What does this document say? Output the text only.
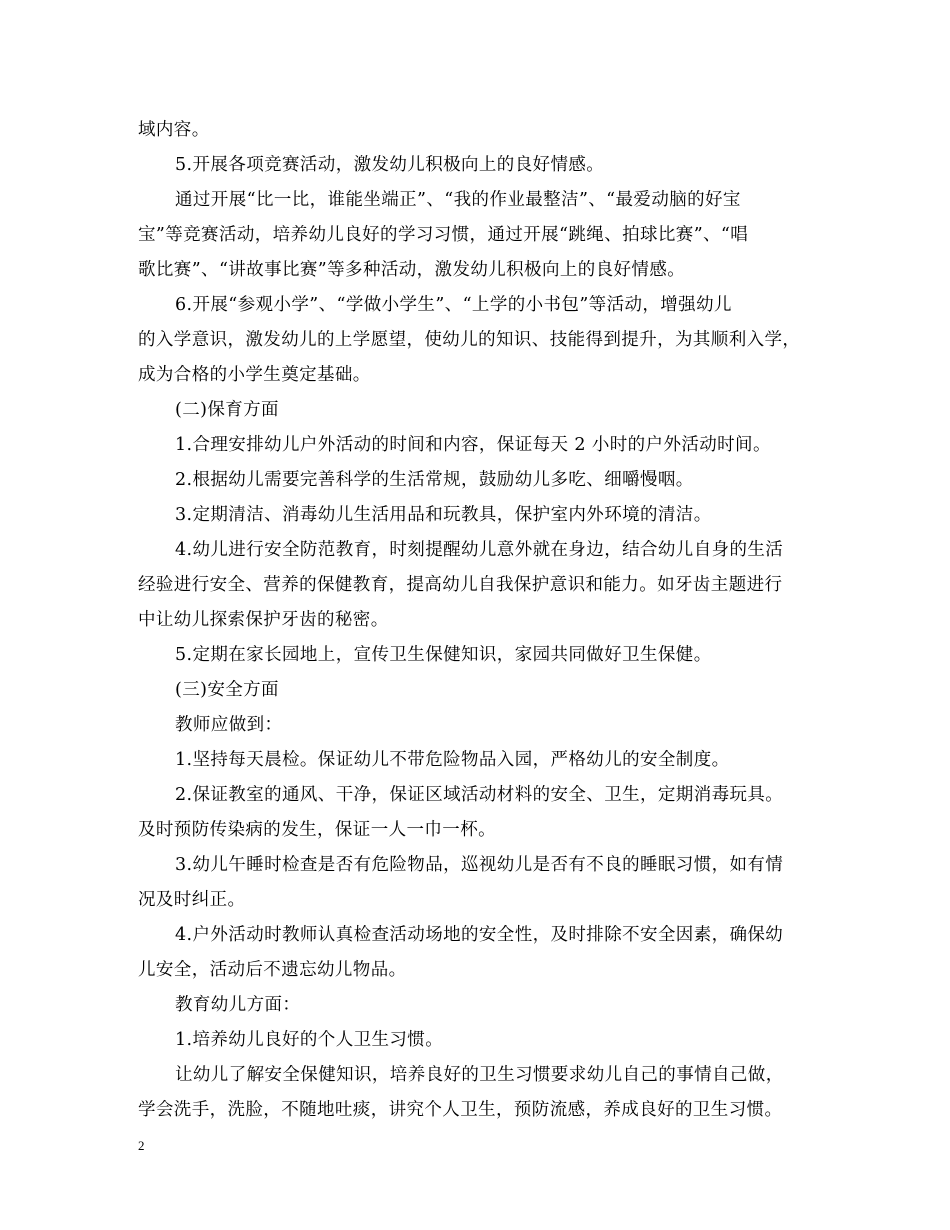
域内容。
5.开展各项竞赛活动，激发幼儿积极向上的良好情感。
通过开展“比一比，谁能坐端正”、“我的作业最整洁”、“最爱动脑的好宝
宝”等竞赛活动，培养幼儿良好的学习习惯，通过开展“跳绳、拍球比赛”、“唱
歌比赛”、“讲故事比赛”等多种活动，激发幼儿积极向上的良好情感。
6.开展“参观小学”、“学做小学生”、“上学的小书包”等活动，增强幼儿
的入学意识，激发幼儿的上学愿望，使幼儿的知识、技能得到提升，为其顺利入学，
成为合格的小学生奠定基础。
(二)保育方面
1.合理安排幼儿户外活动的时间和内容，保证每天 2 小时的户外活动时间。
2.根据幼儿需要完善科学的生活常规，鼓励幼儿多吃、细嚼慢咽。
3.定期清洁、消毒幼儿生活用品和玩教具，保护室内外环境的清洁。
4.幼儿进行安全防范教育，时刻提醒幼儿意外就在身边，结合幼儿自身的生活
经验进行安全、营养的保健教育，提高幼儿自我保护意识和能力。如牙齿主题进行
中让幼儿探索保护牙齿的秘密。
5.定期在家长园地上，宣传卫生保健知识，家园共同做好卫生保健。
(三)安全方面
教师应做到：
1.坚持每天晨检。保证幼儿不带危险物品入园，严格幼儿的安全制度。
2.保证教室的通风、干净，保证区域活动材料的安全、卫生，定期消毒玩具。
及时预防传染病的发生，保证一人一巾一杯。
3.幼儿午睡时检查是否有危险物品，巡视幼儿是否有不良的睡眠习惯，如有情
况及时纠正。
4.户外活动时教师认真检查活动场地的安全性，及时排除不安全因素，确保幼
儿安全，活动后不遗忘幼儿物品。
教育幼儿方面：
1.培养幼儿良好的个人卫生习惯。
让幼儿了解安全保健知识，培养良好的卫生习惯要求幼儿自己的事情自己做，
学会洗手，洗脸，不随地吐痰，讲究个人卫生，预防流感，养成良好的卫生习惯。
2
